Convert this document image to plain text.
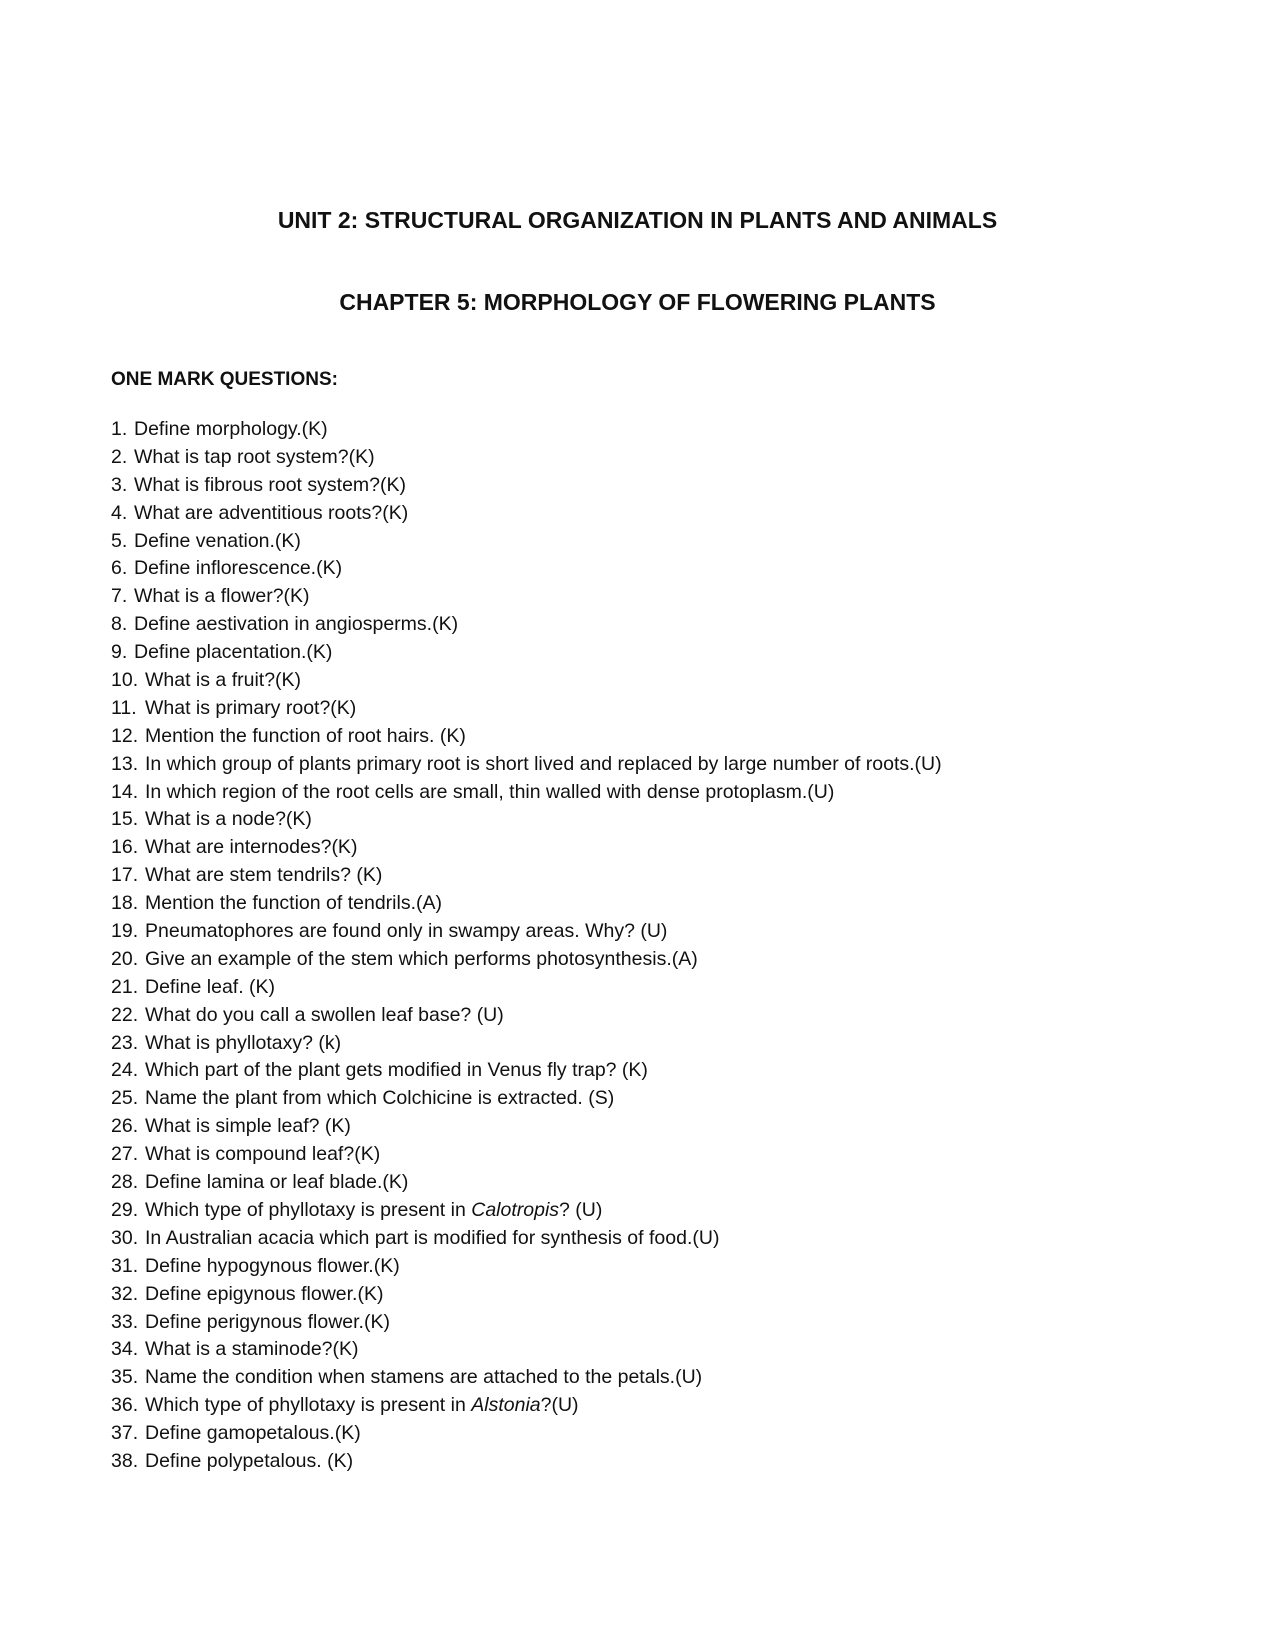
UNIT 2: STRUCTURAL ORGANIZATION IN PLANTS AND ANIMALS
CHAPTER 5: MORPHOLOGY OF FLOWERING PLANTS
ONE MARK QUESTIONS:
1. Define morphology.(K)
2. What is tap root system?(K)
3. What is fibrous root system?(K)
4. What are adventitious roots?(K)
5. Define venation.(K)
6. Define inflorescence.(K)
7. What is a flower?(K)
8. Define aestivation in angiosperms.(K)
9. Define placentation.(K)
10. What is a fruit?(K)
11. What is primary root?(K)
12. Mention the function of root hairs. (K)
13. In which group of plants primary root is short lived and replaced by large number of roots.(U)
14. In which region of the root cells are small, thin walled with dense protoplasm.(U)
15. What is a node?(K)
16. What are internodes?(K)
17. What are stem tendrils? (K)
18. Mention the function of tendrils.(A)
19. Pneumatophores are found only in swampy areas. Why? (U)
20. Give an example of the stem which performs photosynthesis.(A)
21. Define leaf. (K)
22. What do you call a swollen leaf base? (U)
23. What is phyllotaxy? (k)
24. Which part of the plant gets modified in Venus fly trap? (K)
25. Name the plant from which Colchicine is extracted. (S)
26. What is simple leaf? (K)
27. What is compound leaf?(K)
28. Define lamina or leaf blade.(K)
29. Which type of phyllotaxy is present in Calotropis? (U)
30. In Australian acacia which part is modified for synthesis of food.(U)
31. Define hypogynous flower.(K)
32. Define epigynous flower.(K)
33. Define perigynous flower.(K)
34. What is a staminode?(K)
35. Name the condition when stamens are attached to the petals.(U)
36. Which type of phyllotaxy is present in Alstonia?(U)
37. Define gamopetalous.(K)
38. Define polypetalous. (K)
